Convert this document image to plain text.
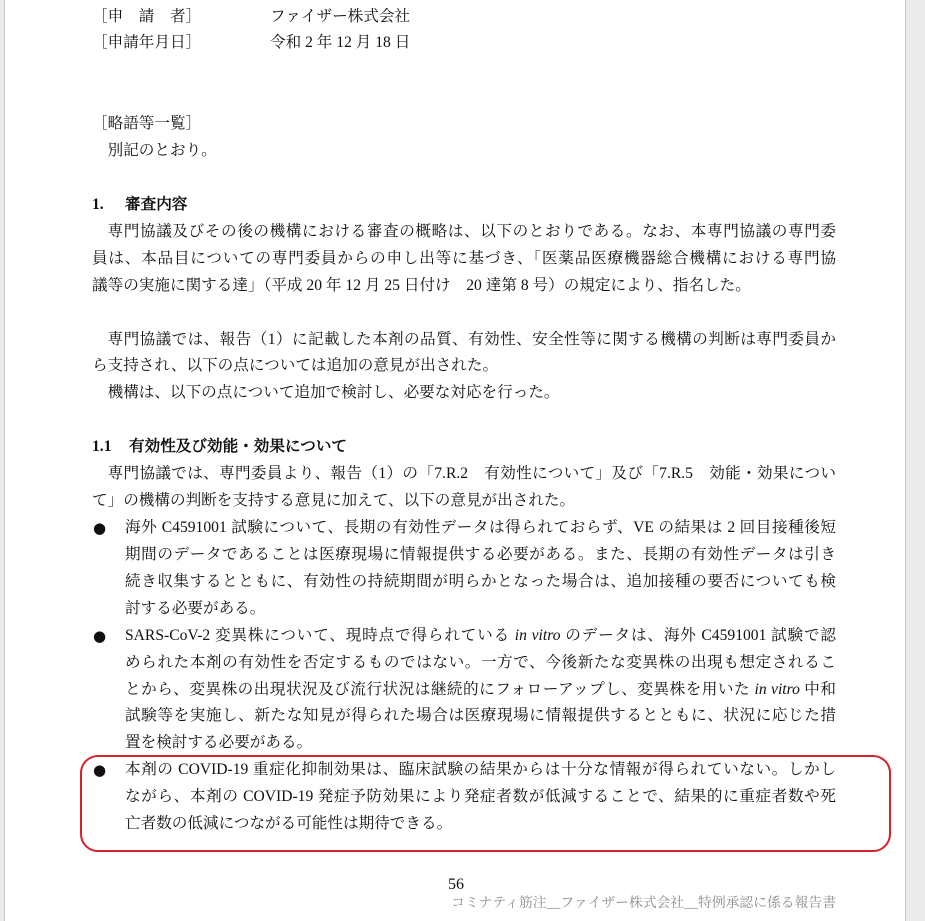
［申　請　者］	ファイザー株式会社
［申請年月日］	令和 2 年 12 月 18 日
［略語等一覧］
別記のとおり。
1. 審査内容
専門協議及びその後の機構における審査の概略は、以下のとおりである。なお、本専門協議の専門委
員は、本品目についての専門委員からの申し出等に基づき、「医薬品医療機器総合機構における専門協
議等の実施に関する達」（平成 20 年 12 月 25 日付け　20 達第 8 号）の規定により、指名した。
専門協議では、報告（1）に記載した本剤の品質、有効性、安全性等に関する機構の判断は専門委員か
ら支持され、以下の点については追加の意見が出された。
機構は、以下の点について追加で検討し、必要な対応を行った。
1.1 有効性及び効能・効果について
専門協議では、専門委員より、報告（1）の「7.R.2　有効性について」及び「7.R.5　効能・効果につい
て」の機構の判断を支持する意見に加えて、以下の意見が出された。
● 海外 C4591001 試験について、長期の有効性データは得られておらず、VE の結果は 2 回目接種後短
期間のデータであることは医療現場に情報提供する必要がある。また、長期の有効性データは引き
続き収集するとともに、有効性の持続期間が明らかとなった場合は、追加接種の要否についても検
討する必要がある。
● SARS-CoV-2 変異株について、現時点で得られている in vitro のデータは、海外 C4591001 試験で認
められた本剤の有効性を否定するものではない。一方で、今後新たな変異株の出現も想定されるこ
とから、変異株の出現状況及び流行状況は継続的にフォローアップし、変異株を用いた in vitro 中和
試験等を実施し、新たな知見が得られた場合は医療現場に情報提供するとともに、状況に応じた措
置を検討する必要がある。
● 本剤の COVID-19 重症化抑制効果は、臨床試験の結果からは十分な情報が得られていない。しかし
ながら、本剤の COVID-19 発症予防効果により発症者数が低減することで、結果的に重症者数や死
亡者数の低減につながる可能性は期待できる。
56
コミナティ筋注__ファイザー株式会社__特例承認に係る報告書
